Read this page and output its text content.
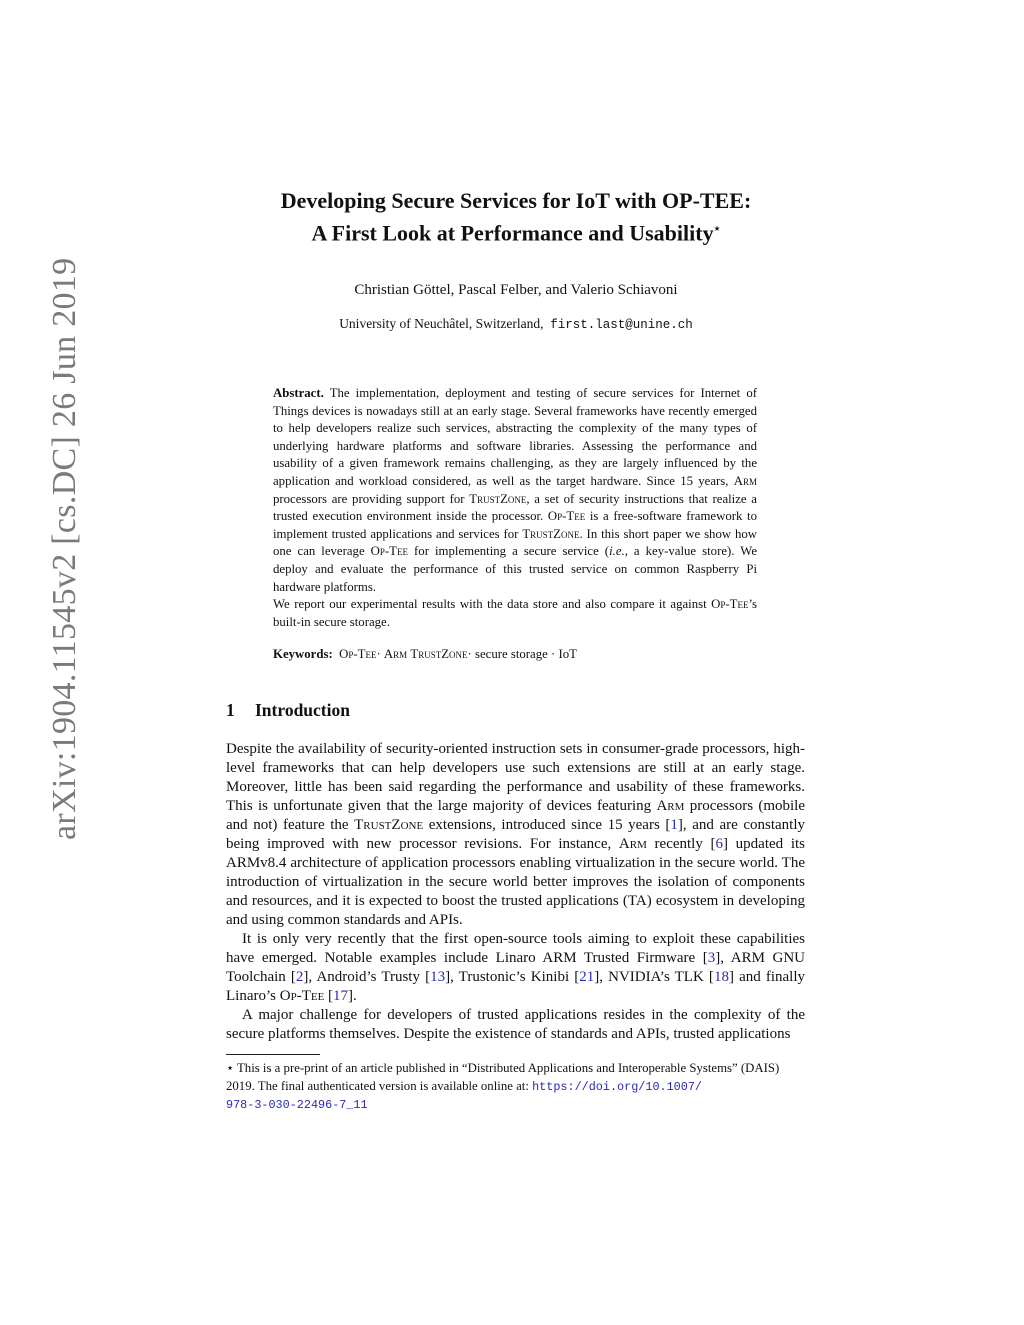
arXiv:1904.11545v2 [cs.DC] 26 Jun 2019
Developing Secure Services for IoT with OP-TEE:
A First Look at Performance and Usability⋆
Christian Göttel, Pascal Felber, and Valerio Schiavoni
University of Neuchâtel, Switzerland, first.last@unine.ch

Abstract. The implementation, deployment and testing of secure services for Internet of Things devices is nowadays still at an early stage. Several frameworks have recently emerged to help developers realize such services, abstracting the complexity of the many types of underlying hardware platforms and software libraries. Assessing the performance and usability of a given framework remains challenging, as they are largely influenced by the application and workload considered, as well as the target hardware. Since 15 years, Arm processors are providing support for TrustZone, a set of security instructions that realize a trusted execution environment inside the processor. Op-Tee is a free-software framework to implement trusted applications and services for TrustZone. In this short paper we show how one can leverage Op-Tee for implementing a secure service (i.e., a key-value store). We deploy and evaluate the performance of this trusted service on common Raspberry Pi hardware platforms.

We report our experimental results with the data store and also compare it against Op-Tee’s built-in secure storage.

Keywords: Op-Tee· Arm TrustZone· secure storage · IoT
1 Introduction

Despite the availability of security-oriented instruction sets in consumer-grade processors, high-level frameworks that can help developers use such extensions are still at an early stage. Moreover, little has been said regarding the performance and usability of these frameworks. This is unfortunate given that the large majority of devices featuring Arm processors (mobile and not) feature the TrustZone extensions, introduced since 15 years [1], and are constantly being improved with new processor revisions. For instance, Arm recently [6] updated its ARMv8.4 architecture of application processors enabling virtualization in the secure world. The introduction of virtualization in the secure world better improves the isolation of components and resources, and it is expected to boost the trusted applications (TA) ecosystem in developing and using common standards and APIs.

It is only very recently that the first open-source tools aiming to exploit these capabilities have emerged. Notable examples include Linaro ARM Trusted Firmware [3], ARM GNU Toolchain [2], Android’s Trusty [13], Trustonic’s Kinibi [21], NVIDIA’s TLK [18] and finally Linaro’s Op-Tee [17].

A major challenge for developers of trusted applications resides in the complexity of the secure platforms themselves. Despite the existence of standards and APIs, trusted applications

⋆ This is a pre-print of an article published in “Distributed Applications and Interoperable Systems” (DAIS) 2019. The final authenticated version is available online at: https://doi.org/10.1007/
978-3-030-22496-7_11
